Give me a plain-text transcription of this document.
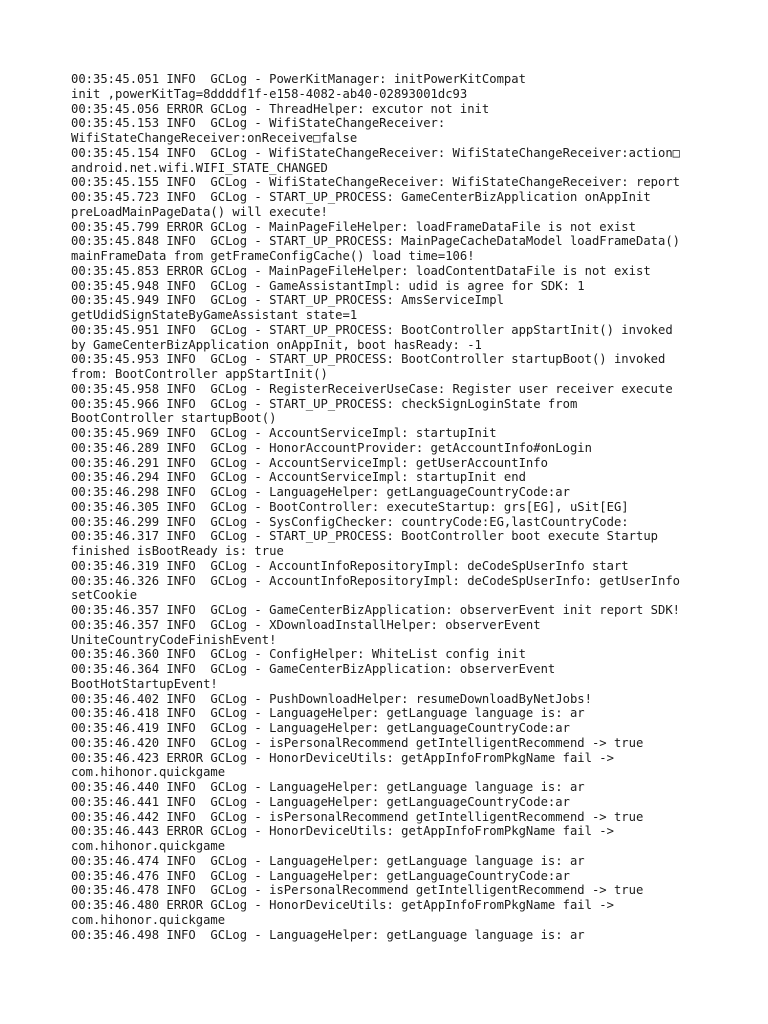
00:35:45.051 INFO  GCLog - PowerKitManager: initPowerKitCompat
init ,powerKitTag=8ddddf1f-e158-4082-ab40-02893001dc93
00:35:45.056 ERROR GCLog - ThreadHelper: excutor not init
00:35:45.153 INFO  GCLog - WifiStateChangeReceiver:
WifiStateChangeReceiver:onReceive□false
00:35:45.154 INFO  GCLog - WifiStateChangeReceiver: WifiStateChangeReceiver:action□
android.net.wifi.WIFI_STATE_CHANGED
00:35:45.155 INFO  GCLog - WifiStateChangeReceiver: WifiStateChangeReceiver: report
00:35:45.723 INFO  GCLog - START_UP_PROCESS: GameCenterBizApplication onAppInit
preLoadMainPageData() will execute!
00:35:45.799 ERROR GCLog - MainPageFileHelper: loadFrameDataFile is not exist
00:35:45.848 INFO  GCLog - START_UP_PROCESS: MainPageCacheDataModel loadFrameData()
mainFrameData from getFrameConfigCache() load time=106!
00:35:45.853 ERROR GCLog - MainPageFileHelper: loadContentDataFile is not exist
00:35:45.948 INFO  GCLog - GameAssistantImpl: udid is agree for SDK: 1
00:35:45.949 INFO  GCLog - START_UP_PROCESS: AmsServiceImpl
getUdidSignStateByGameAssistant state=1
00:35:45.951 INFO  GCLog - START_UP_PROCESS: BootController appStartInit() invoked
by GameCenterBizApplication onAppInit, boot hasReady: -1
00:35:45.953 INFO  GCLog - START_UP_PROCESS: BootController startupBoot() invoked
from: BootController appStartInit()
00:35:45.958 INFO  GCLog - RegisterReceiverUseCase: Register user receiver execute
00:35:45.966 INFO  GCLog - START_UP_PROCESS: checkSignLoginState from
BootController startupBoot()
00:35:45.969 INFO  GCLog - AccountServiceImpl: startupInit
00:35:46.289 INFO  GCLog - HonorAccountProvider: getAccountInfo#onLogin
00:35:46.291 INFO  GCLog - AccountServiceImpl: getUserAccountInfo
00:35:46.294 INFO  GCLog - AccountServiceImpl: startupInit end
00:35:46.298 INFO  GCLog - LanguageHelper: getLanguageCountryCode:ar
00:35:46.305 INFO  GCLog - BootController: executeStartup: grs[EG], uSit[EG]
00:35:46.299 INFO  GCLog - SysConfigChecker: countryCode:EG,lastCountryCode:
00:35:46.317 INFO  GCLog - START_UP_PROCESS: BootController boot execute Startup
finished isBootReady is: true
00:35:46.319 INFO  GCLog - AccountInfoRepositoryImpl: deCodeSpUserInfo start
00:35:46.326 INFO  GCLog - AccountInfoRepositoryImpl: deCodeSpUserInfo: getUserInfo
setCookie
00:35:46.357 INFO  GCLog - GameCenterBizApplication: observerEvent init report SDK!
00:35:46.357 INFO  GCLog - XDownloadInstallHelper: observerEvent
UniteCountryCodeFinishEvent!
00:35:46.360 INFO  GCLog - ConfigHelper: WhiteList config init
00:35:46.364 INFO  GCLog - GameCenterBizApplication: observerEvent
BootHotStartupEvent!
00:35:46.402 INFO  GCLog - PushDownloadHelper: resumeDownloadByNetJobs!
00:35:46.418 INFO  GCLog - LanguageHelper: getLanguage language is: ar
00:35:46.419 INFO  GCLog - LanguageHelper: getLanguageCountryCode:ar
00:35:46.420 INFO  GCLog - isPersonalRecommend getIntelligentRecommend -> true
00:35:46.423 ERROR GCLog - HonorDeviceUtils: getAppInfoFromPkgName fail ->
com.hihonor.quickgame
00:35:46.440 INFO  GCLog - LanguageHelper: getLanguage language is: ar
00:35:46.441 INFO  GCLog - LanguageHelper: getLanguageCountryCode:ar
00:35:46.442 INFO  GCLog - isPersonalRecommend getIntelligentRecommend -> true
00:35:46.443 ERROR GCLog - HonorDeviceUtils: getAppInfoFromPkgName fail ->
com.hihonor.quickgame
00:35:46.474 INFO  GCLog - LanguageHelper: getLanguage language is: ar
00:35:46.476 INFO  GCLog - LanguageHelper: getLanguageCountryCode:ar
00:35:46.478 INFO  GCLog - isPersonalRecommend getIntelligentRecommend -> true
00:35:46.480 ERROR GCLog - HonorDeviceUtils: getAppInfoFromPkgName fail ->
com.hihonor.quickgame
00:35:46.498 INFO  GCLog - LanguageHelper: getLanguage language is: ar
